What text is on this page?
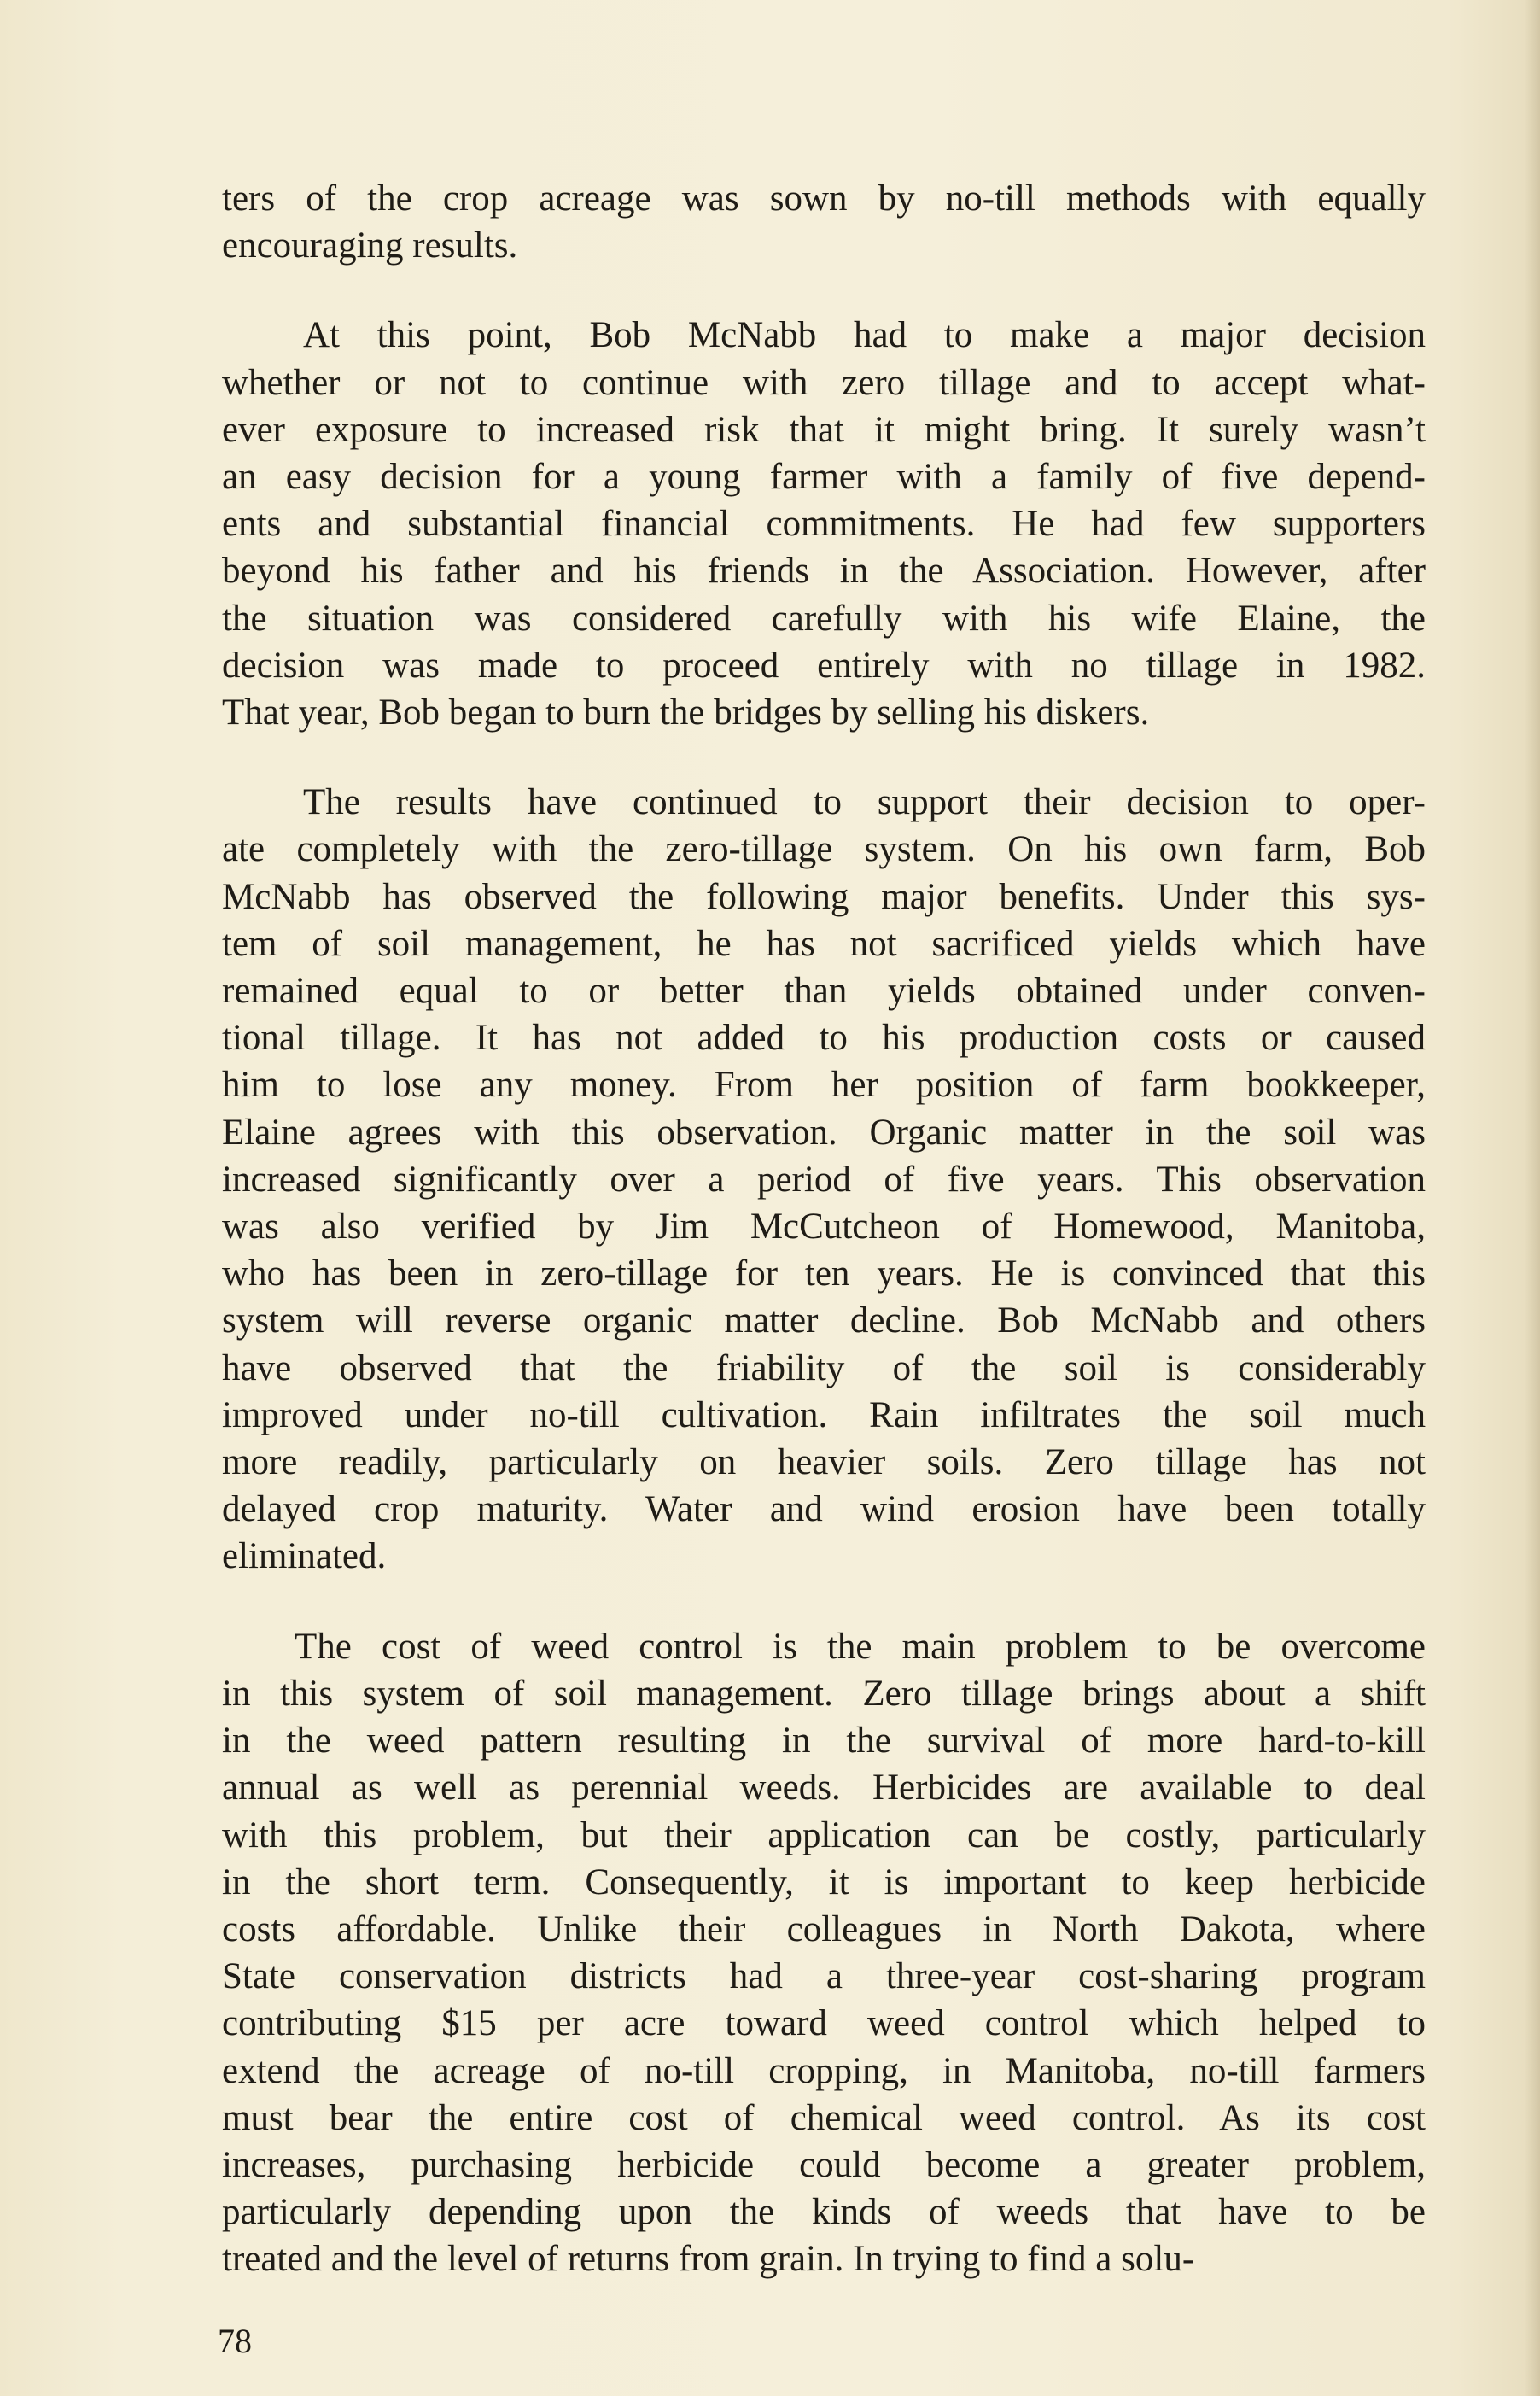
ters of the crop acreage was sown by no-till methods with equally
encouraging results.

At this point, Bob McNabb had to make a major decision
whether or not to continue with zero tillage and to accept what-
ever exposure to increased risk that it might bring. It surely wasn’t
an easy decision for a young farmer with a family of five depend-
ents and substantial financial commitments. He had few supporters
beyond his father and his friends in the Association. However, after
the situation was considered carefully with his wife Elaine, the
decision was made to proceed entirely with no tillage in 1982.
That year, Bob began to burn the bridges by selling his diskers.

The results have continued to support their decision to oper-
ate completely with the zero-tillage system. On his own farm, Bob
McNabb has observed the following major benefits. Under this sys-
tem of soil management, he has not sacrificed yields which have
remained equal to or better than yields obtained under conven-
tional tillage. It has not added to his production costs or caused
him to lose any money. From her position of farm bookkeeper,
Elaine agrees with this observation. Organic matter in the soil was
increased significantly over a period of five years. This observation
was also verified by Jim McCutcheon of Homewood, Manitoba,
who has been in zero-tillage for ten years. He is convinced that this
system will reverse organic matter decline. Bob McNabb and others
have observed that the friability of the soil is considerably
improved under no-till cultivation. Rain infiltrates the soil much
more readily, particularly on heavier soils. Zero tillage has not
delayed crop maturity. Water and wind erosion have been totally
eliminated.

The cost of weed control is the main problem to be overcome
in this system of soil management. Zero tillage brings about a shift
in the weed pattern resulting in the survival of more hard-to-kill
annual as well as perennial weeds. Herbicides are available to deal
with this problem, but their application can be costly, particularly
in the short term. Consequently, it is important to keep herbicide
costs affordable. Unlike their colleagues in North Dakota, where
State conservation districts had a three-year cost-sharing program
contributing $15 per acre toward weed control which helped to
extend the acreage of no-till cropping, in Manitoba, no-till farmers
must bear the entire cost of chemical weed control. As its cost
increases, purchasing herbicide could become a greater problem,
particularly depending upon the kinds of weeds that have to be
treated and the level of returns from grain. In trying to find a solu-

78
